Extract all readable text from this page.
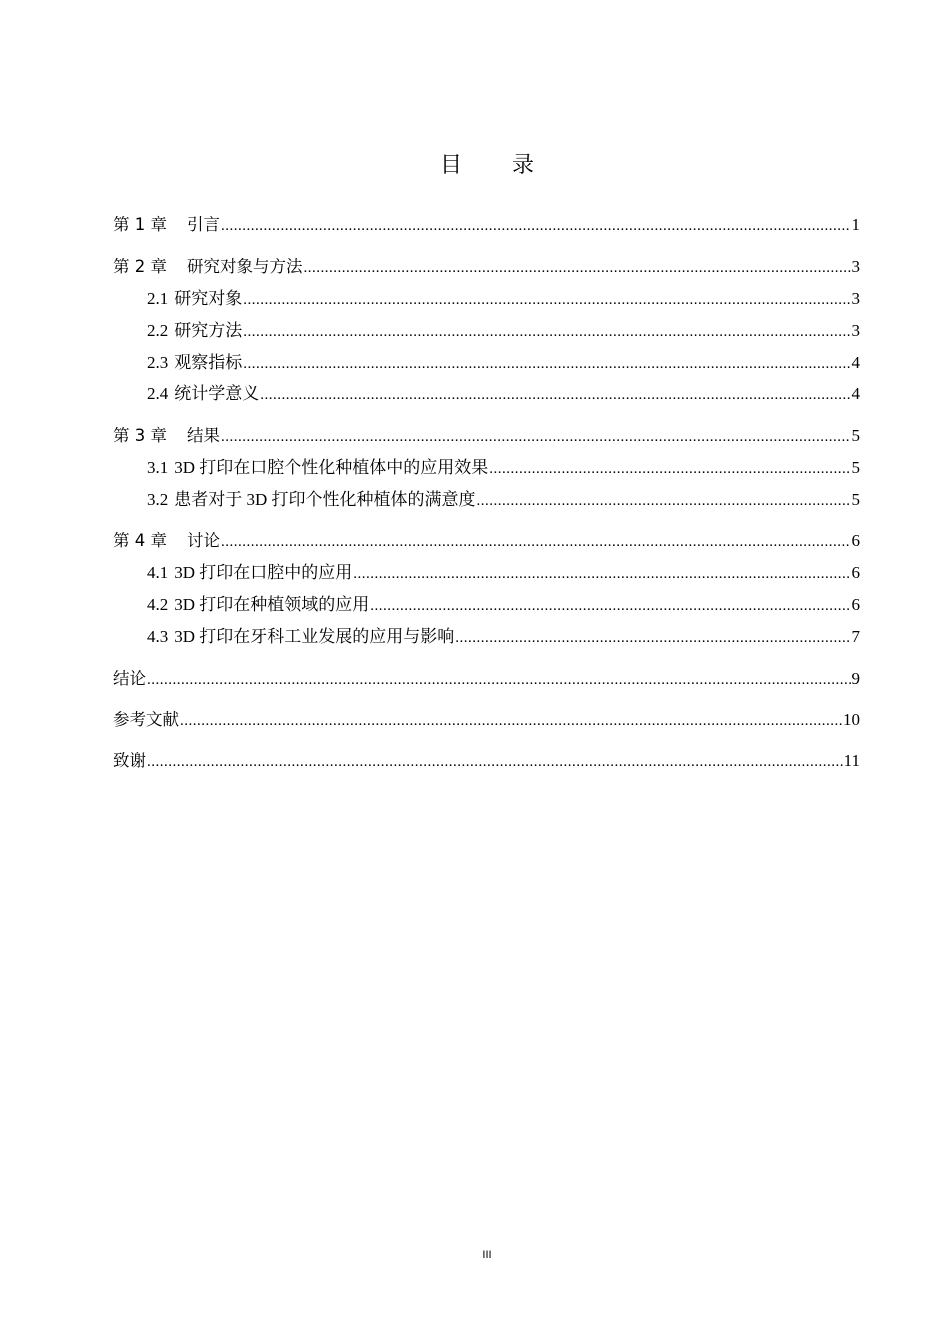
目 录
第 1 章 引言 .....	1
第 2 章 研究对象与方法 .....	3
2.1 研究对象 .....	3
2.2 研究方法 .....	3
2.3 观察指标 .....	4
2.4 统计学意义 .....	4
第 3 章 结果 .....	5
3.1 3D 打印在口腔个性化种植体中的应用效果 .....	5
3.2 患者对于 3D 打印个性化种植体的满意度 .....	5
第 4 章 讨论 .....	6
4.1 3D 打印在口腔中的应用 .....	6
4.2 3D 打印在种植领域的应用 .....	6
4.3 3D 打印在牙科工业发展的应用与影响 .....	7
结论 .....	9
参考文献 .....	10
致谢 .....	11
III
